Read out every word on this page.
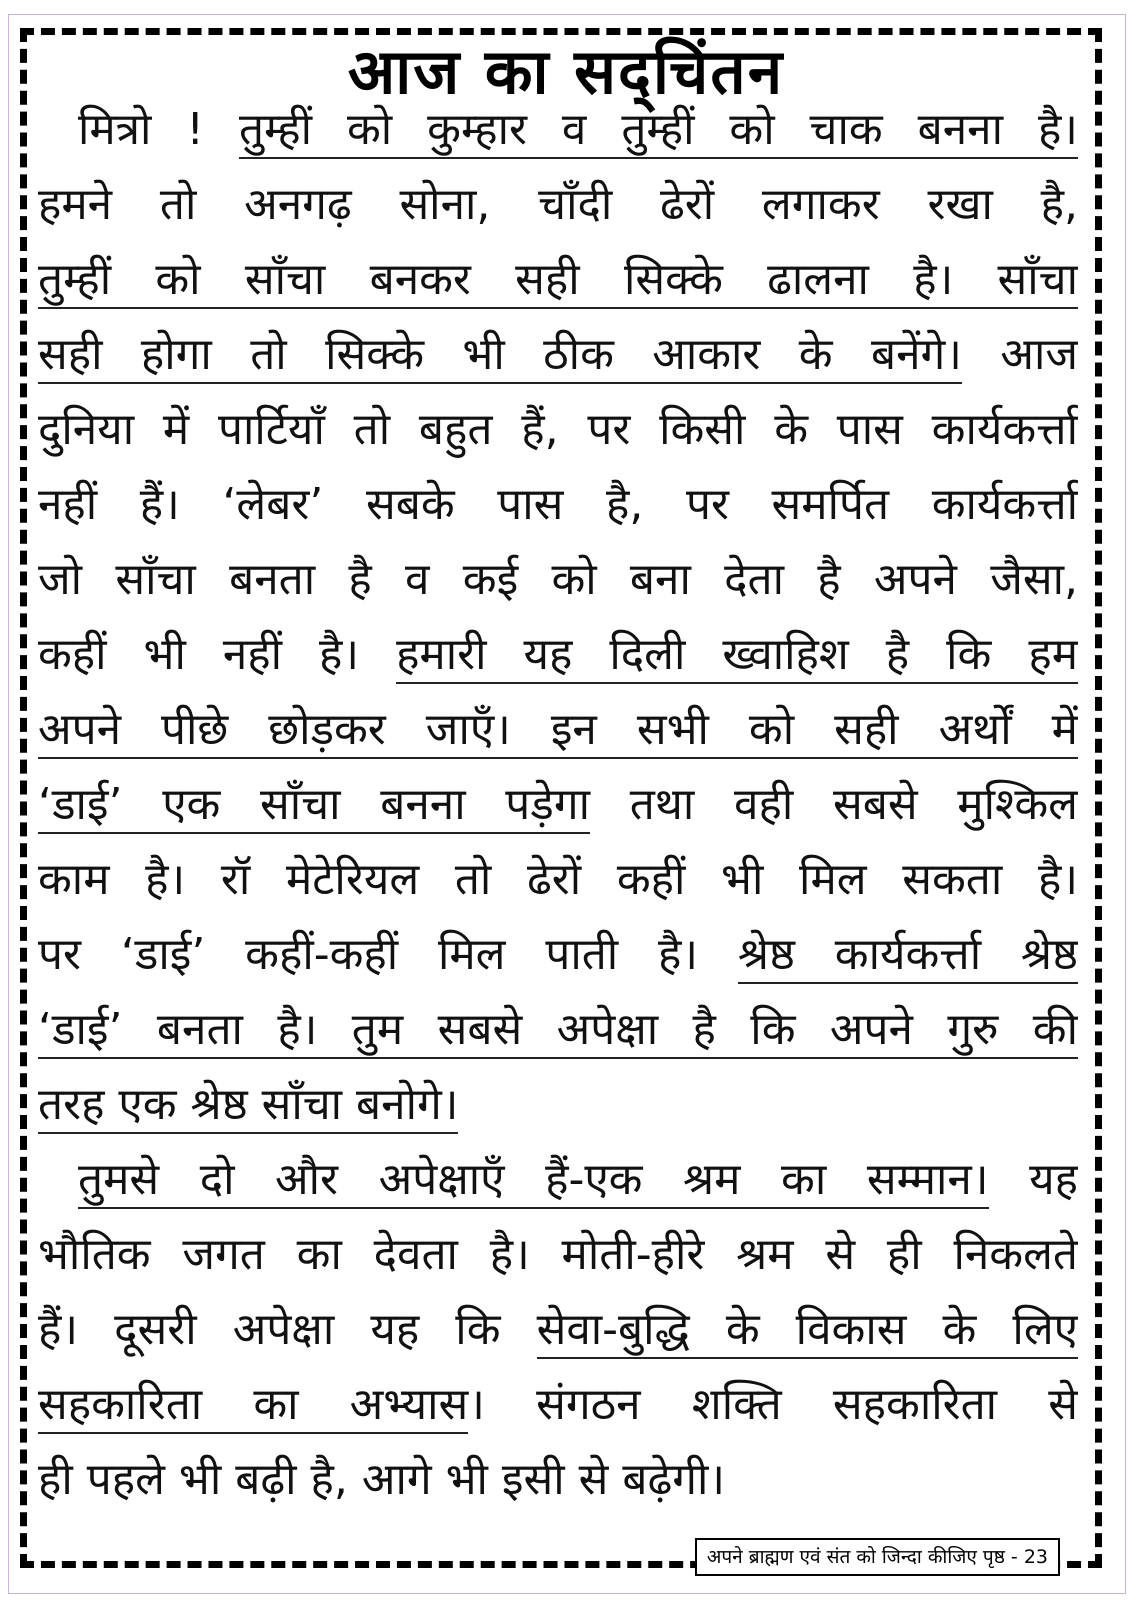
आज का सद्चिंतन
मित्रो ! तुम्हीं को कुम्हार व तुम्हीं को चाक बनना है।
हमने तो अनगढ़ सोना, चाँदी ढेरों लगाकर रखा है,
तुम्हीं को साँचा बनकर सही सिक्के ढालना है। साँचा
सही होगा तो सिक्के भी ठीक आकार के बनेंगे। आज
दुनिया में पार्टियाँ तो बहुत हैं, पर किसी के पास कार्यकर्त्ता
नहीं हैं। ‘लेबर’ सबके पास है, पर समर्पित कार्यकर्त्ता
जो साँचा बनता है व कई को बना देता है अपने जैसा,
कहीं भी नहीं है। हमारी यह दिली ख्वाहिश है कि हम
अपने पीछे छोड़कर जाएँ। इन सभी को सही अर्थों में
‘डाई’ एक साँचा बनना पड़ेगा तथा वही सबसे मुश्किल
काम है। रॉ मेटेरियल तो ढेरों कहीं भी मिल सकता है।
पर ‘डाई’ कहीं-कहीं मिल पाती है। श्रेष्ठ कार्यकर्त्ता श्रेष्ठ
‘डाई’ बनता है। तुम सबसे अपेक्षा है कि अपने गुरु की
तरह एक श्रेष्ठ साँचा बनोगे।
तुमसे दो और अपेक्षाएँ हैं-एक श्रम का सम्मान। यह
भौतिक जगत का देवता है। मोती-हीरे श्रम से ही निकलते
हैं। दूसरी अपेक्षा यह कि सेवा-बुद्धि के विकास के लिए
सहकारिता का अभ्यास। संगठन शक्ति सहकारिता से
ही पहले भी बढ़ी है, आगे भी इसी से बढ़ेगी।
अपने ब्राह्मण एवं संत को जिन्दा कीजिए पृष्ठ - 23
